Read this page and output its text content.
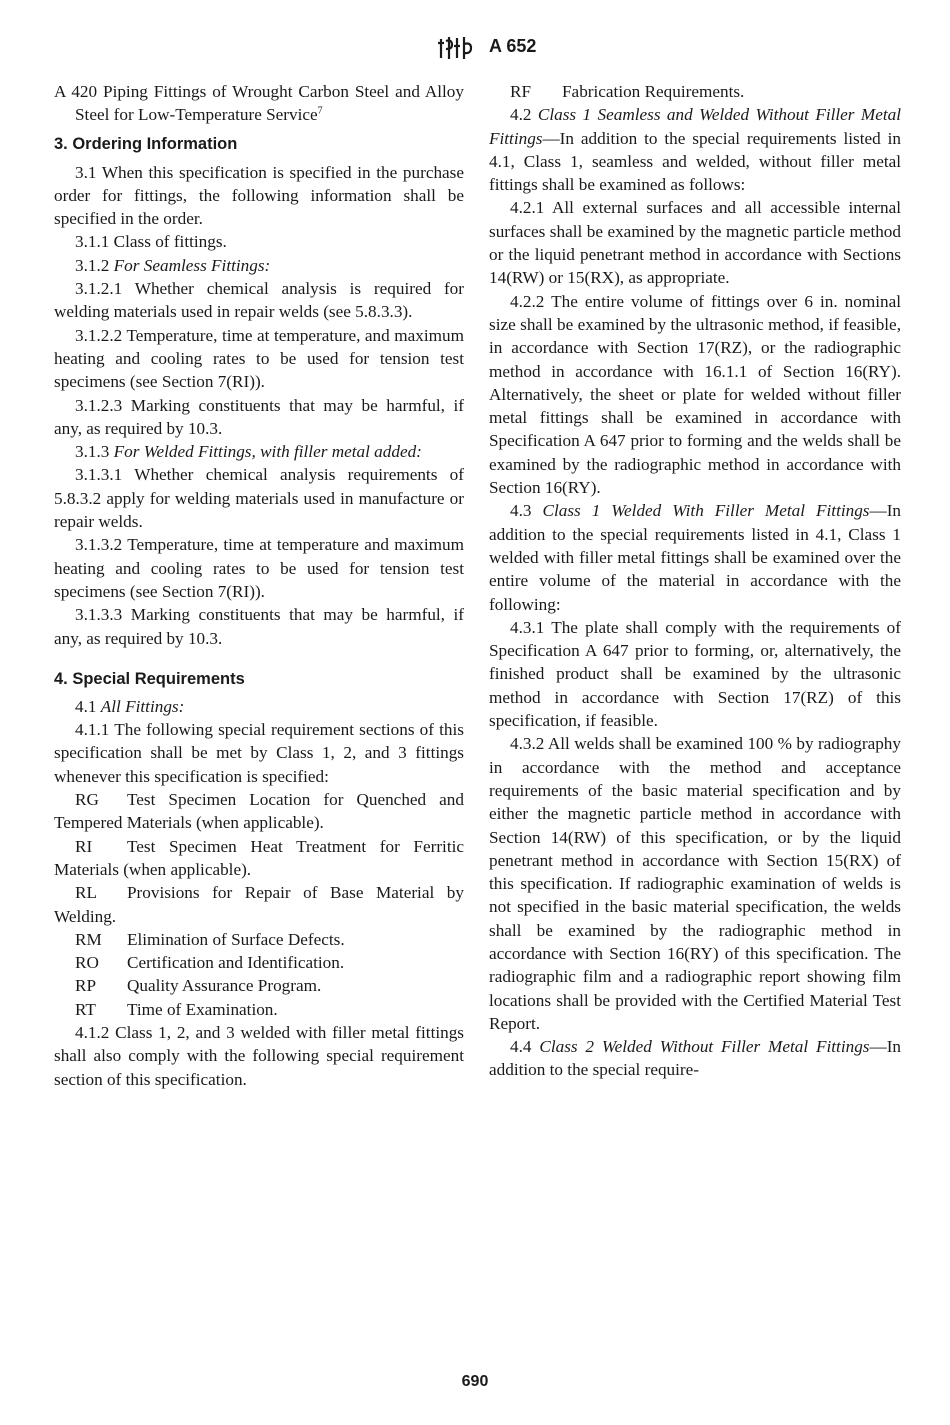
A 652

A 420 Piping Fittings of Wrought Carbon Steel and Alloy Steel for Low-Temperature Service$^7$

3. Ordering Information

3.1 When this specification is specified in the purchase order for fittings, the following information shall be specified in the order.

3.1.1 Class of fittings.

3.1.2 For Seamless Fittings:

3.1.2.1 Whether chemical analysis is required for welding materials used in repair welds (see 5.8.3.3).

3.1.2.2 Temperature, time at temperature, and maximum heating and cooling rates to be used for tension test specimens (see Section 7(RI)).

3.1.2.3 Marking constituents that may be harmful, if any, as required by 10.3.

3.1.3 For Welded Fittings, with filler metal added:

3.1.3.1 Whether chemical analysis requirements of 5.8.3.2 apply for welding materials used in manufacture or repair welds.

3.1.3.2 Temperature, time at temperature and maximum heating and cooling rates to be used for tension test specimens (see Section 7(RI)).

3.1.3.3 Marking constituents that may be harmful, if any, as required by 10.3.

4. Special Requirements

4.1 All Fittings:

4.1.1 The following special requirement sections of this specification shall be met by Class 1, 2, and 3 fittings whenever this specification is specified:

RG Test Specimen Location for Quenched and Tempered Materials (when applicable).

RI Test Specimen Heat Treatment for Ferritic Materials (when applicable).

RL Provisions for Repair of Base Material by Welding.

RM Elimination of Surface Defects.

RO Certification and Identification.

RP Quality Assurance Program.

RT Time of Examination.

4.1.2 Class 1, 2, and 3 welded with filler metal fittings shall also comply with the following special requirement section of this specification.

RF Fabrication Requirements.

4.2 Class 1 Seamless and Welded Without Filler Metal Fittings—In addition to the special requirements listed in 4.1, Class 1, seamless and welded, without filler metal fittings shall be examined as follows:

4.2.1 All external surfaces and all accessible internal surfaces shall be examined by the magnetic particle method or the liquid penetrant method in accordance with Sections 14(RW) or 15(RX), as appropriate.

4.2.2 The entire volume of fittings over 6 in. nominal size shall be examined by the ultrasonic method, if feasible, in accordance with Section 17(RZ), or the radiographic method in accordance with 16.1.1 of Section 16(RY). Alternatively, the sheet or plate for welded without filler metal fittings shall be examined in accordance with Specification A 647 prior to forming and the welds shall be examined by the radiographic method in accordance with Section 16(RY).

4.3 Class 1 Welded With Filler Metal Fittings—In addition to the special requirements listed in 4.1, Class 1 welded with filler metal fittings shall be examined over the entire volume of the material in accordance with the following:

4.3.1 The plate shall comply with the requirements of Specification A 647 prior to forming, or, alternatively, the finished product shall be examined by the ultrasonic method in accordance with Section 17(RZ) of this specification, if feasible.

4.3.2 All welds shall be examined 100 % by radiography in accordance with the method and acceptance requirements of the basic material specification and by either the magnetic particle method in accordance with Section 14(RW) of this specification, or by the liquid penetrant method in accordance with Section 15(RX) of this specification. If radiographic examination of welds is not specified in the basic material specification, the welds shall be examined by the radiographic method in accordance with Section 16(RY) of this specification. The radiographic film and a radiographic report showing film locations shall be provided with the Certified Material Test Report.

4.4 Class 2 Welded Without Filler Metal Fittings—In addition to the special require-

690
